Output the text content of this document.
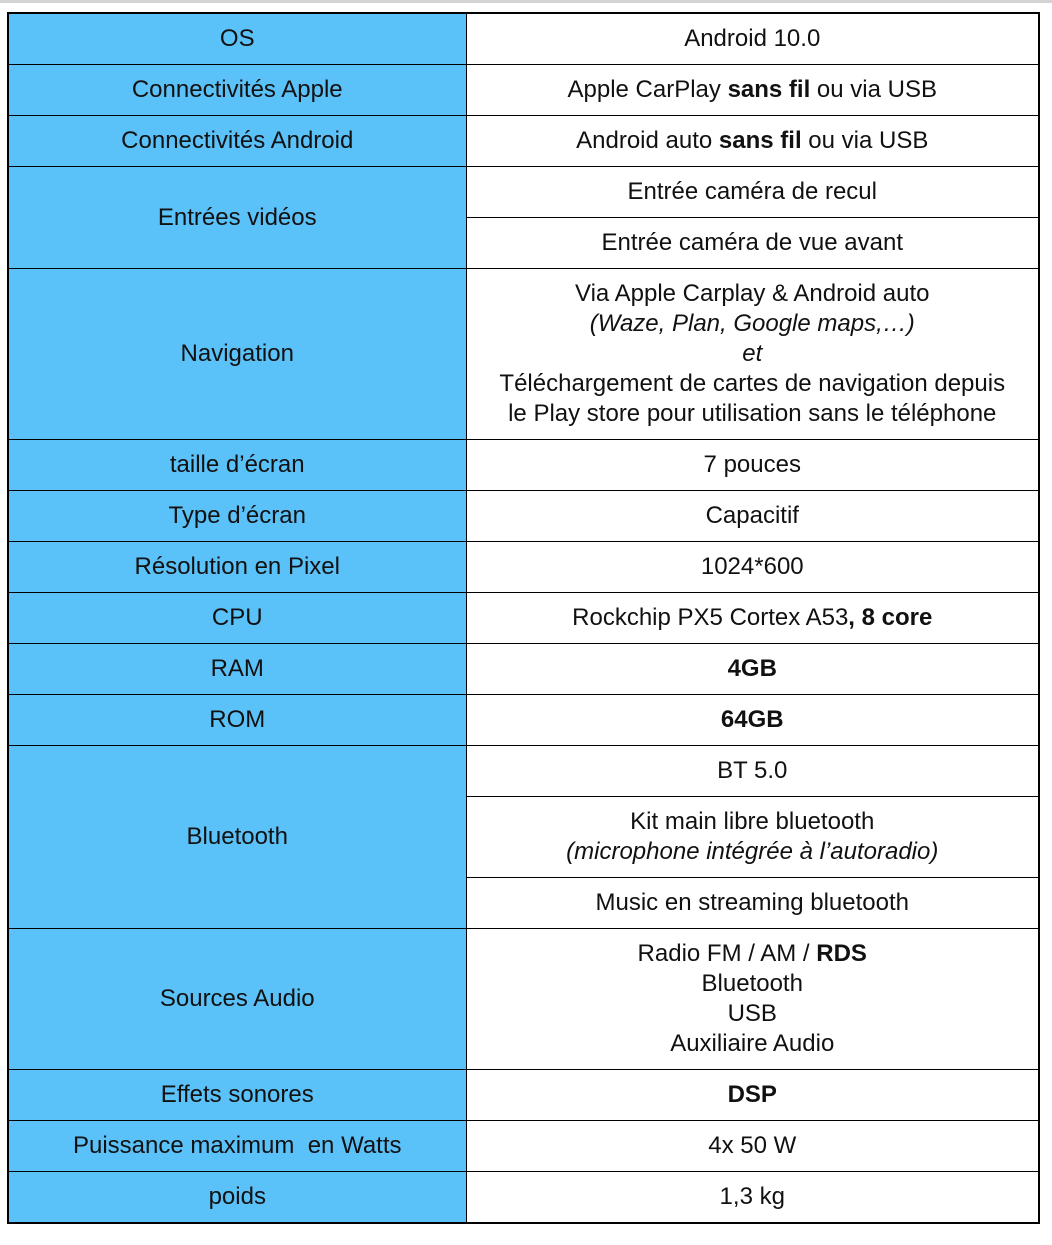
OS	Android 10.0

Connectivités Apple	Apple CarPlay sans fil ou via USB

Connectivités Android	Android auto sans fil ou via USB

Entrées vidéos	Entrée caméra de recul

	Entrée caméra de vue avant

Navigation	Via Apple Carplay & Android auto
(Waze, Plan, Google maps,…)
et
Téléchargement de cartes de navigation depuis
le Play store pour utilisation sans le téléphone

taille d’écran	7 pouces

Type d’écran	Capacitif

Résolution en Pixel	1024*600

CPU	Rockchip PX5 Cortex A53, 8 core

RAM	4GB

ROM	64GB

Bluetooth	BT 5.0

	Kit main libre bluetooth
(microphone intégrée à l’autoradio)

	Music en streaming bluetooth

Sources Audio	Radio FM / AM / RDS
Bluetooth
USB
Auxiliaire Audio

Effets sonores	DSP

Puissance maximum  en Watts	4x 50 W

poids	1,3 kg
